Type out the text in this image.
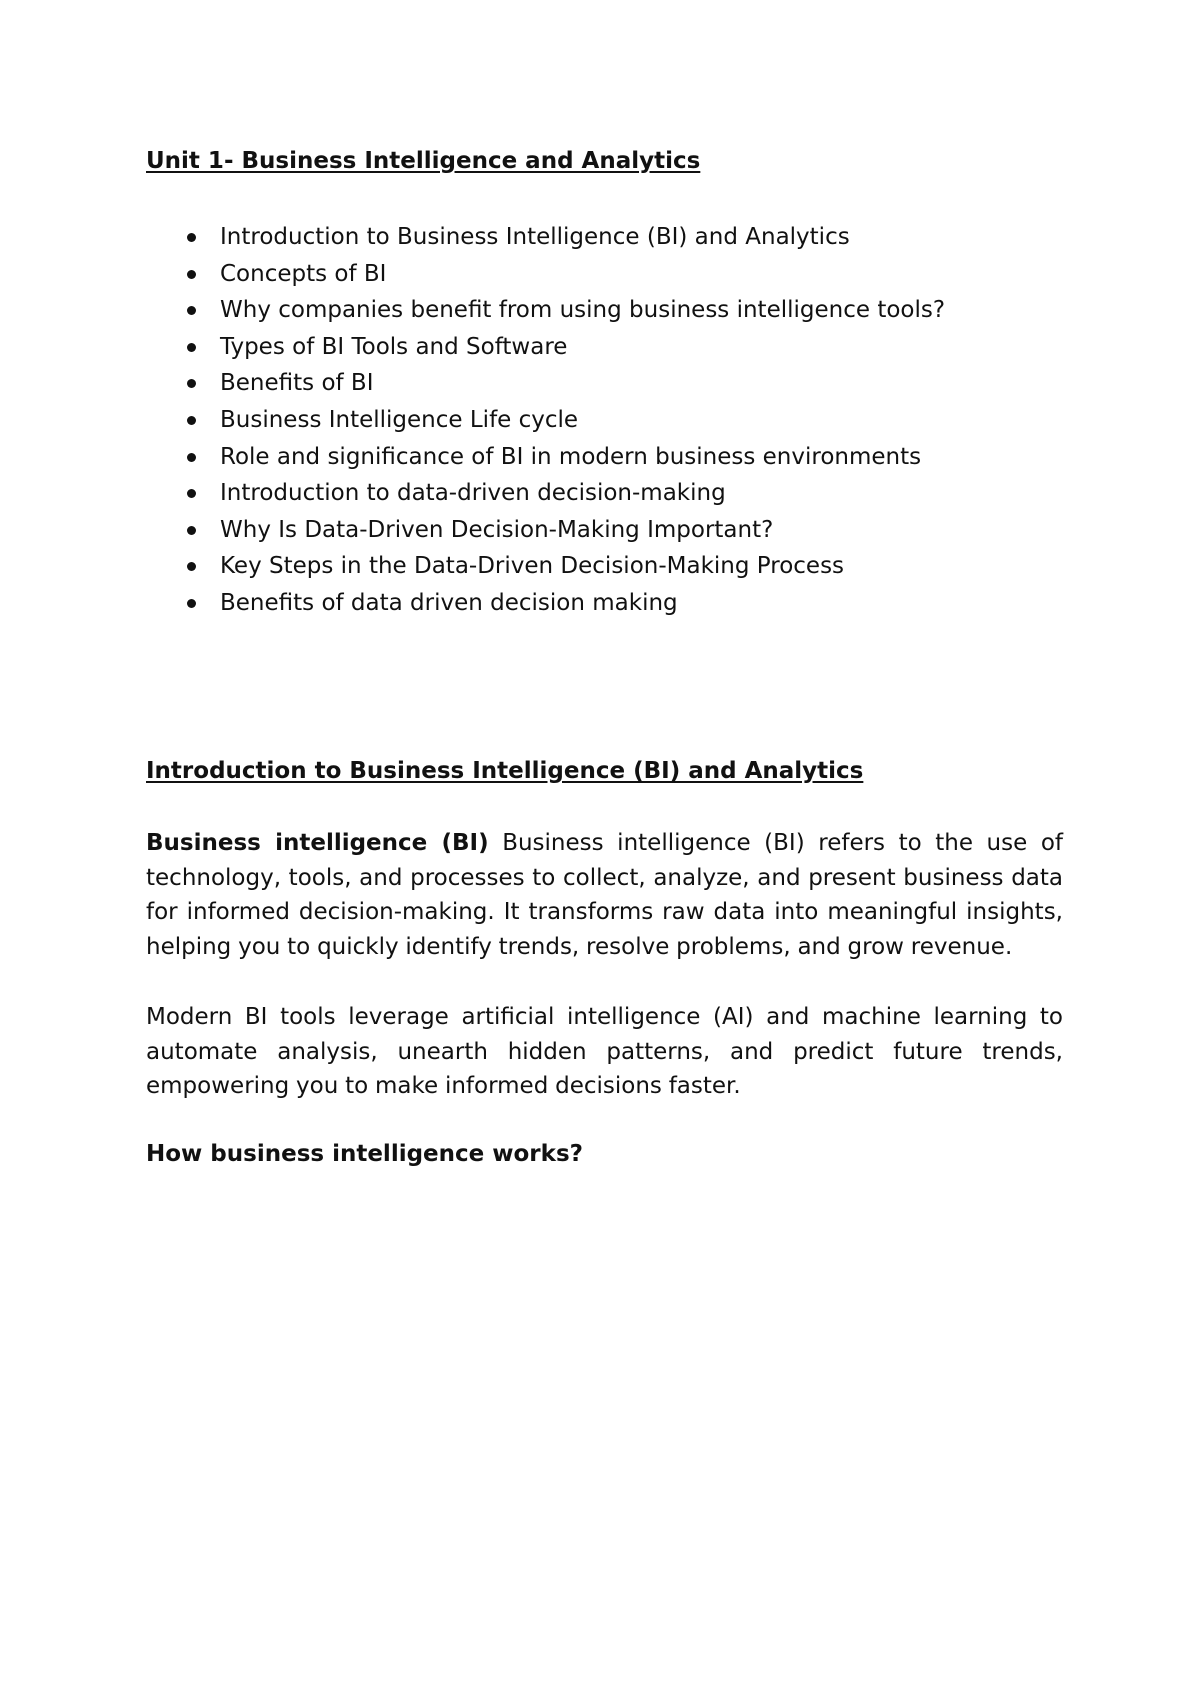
Unit 1- Business Intelligence and Analytics
Introduction to Business Intelligence (BI) and Analytics
Concepts of BI
Why companies benefit from using business intelligence tools?
Types of BI Tools and Software
Benefits of BI
Business Intelligence Life cycle
Role and significance of BI in modern business environments
Introduction to data-driven decision-making
Why Is Data-Driven Decision-Making Important?
Key Steps in the Data-Driven Decision-Making Process
Benefits of data driven decision making
Introduction to Business Intelligence (BI) and Analytics

Business intelligence (BI) Business intelligence (BI) refers to the use of technology, tools, and processes to collect, analyze, and present business data for informed decision-making. It transforms raw data into meaningful insights, helping you to quickly identify trends, resolve problems, and grow revenue.

Modern BI tools leverage artificial intelligence (AI) and machine learning to automate analysis, unearth hidden patterns, and predict future trends, empowering you to make informed decisions faster.

How business intelligence works?
